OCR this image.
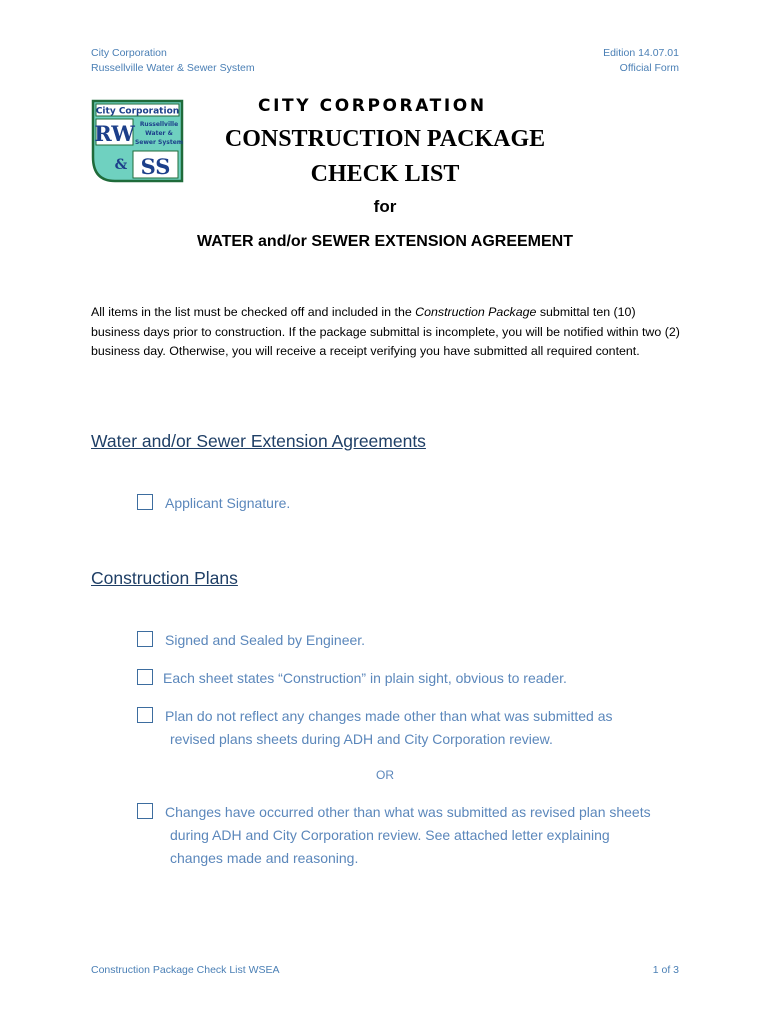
City Corporation
Russellville Water & Sewer System
Edition 14.07.01
Official Form
City Corporation
RW Russellville
Water &
Sewer System
& SS
CITY CORPORATION
CONSTRUCTION PACKAGE
CHECK LIST
for
WATER and/or SEWER EXTENSION AGREEMENT
All items in the list must be checked off and included in the Construction Package submittal ten (10) business days prior to construction. If the package submittal is incomplete, you will be notified within two (2) business day. Otherwise, you will receive a receipt verifying you have submitted all required content.
Water and/or Sewer Extension Agreements
Applicant Signature.
Construction Plans
Signed and Sealed by Engineer.
Each sheet states “Construction” in plain sight, obvious to reader.
Plan do not reflect any changes made other than what was submitted as
revised plans sheets during ADH and City Corporation review.
OR
Changes have occurred other than what was submitted as revised plan sheets
during ADH and City Corporation review. See attached letter explaining
changes made and reasoning.
Construction Package Check List WSEA	1 of 3
